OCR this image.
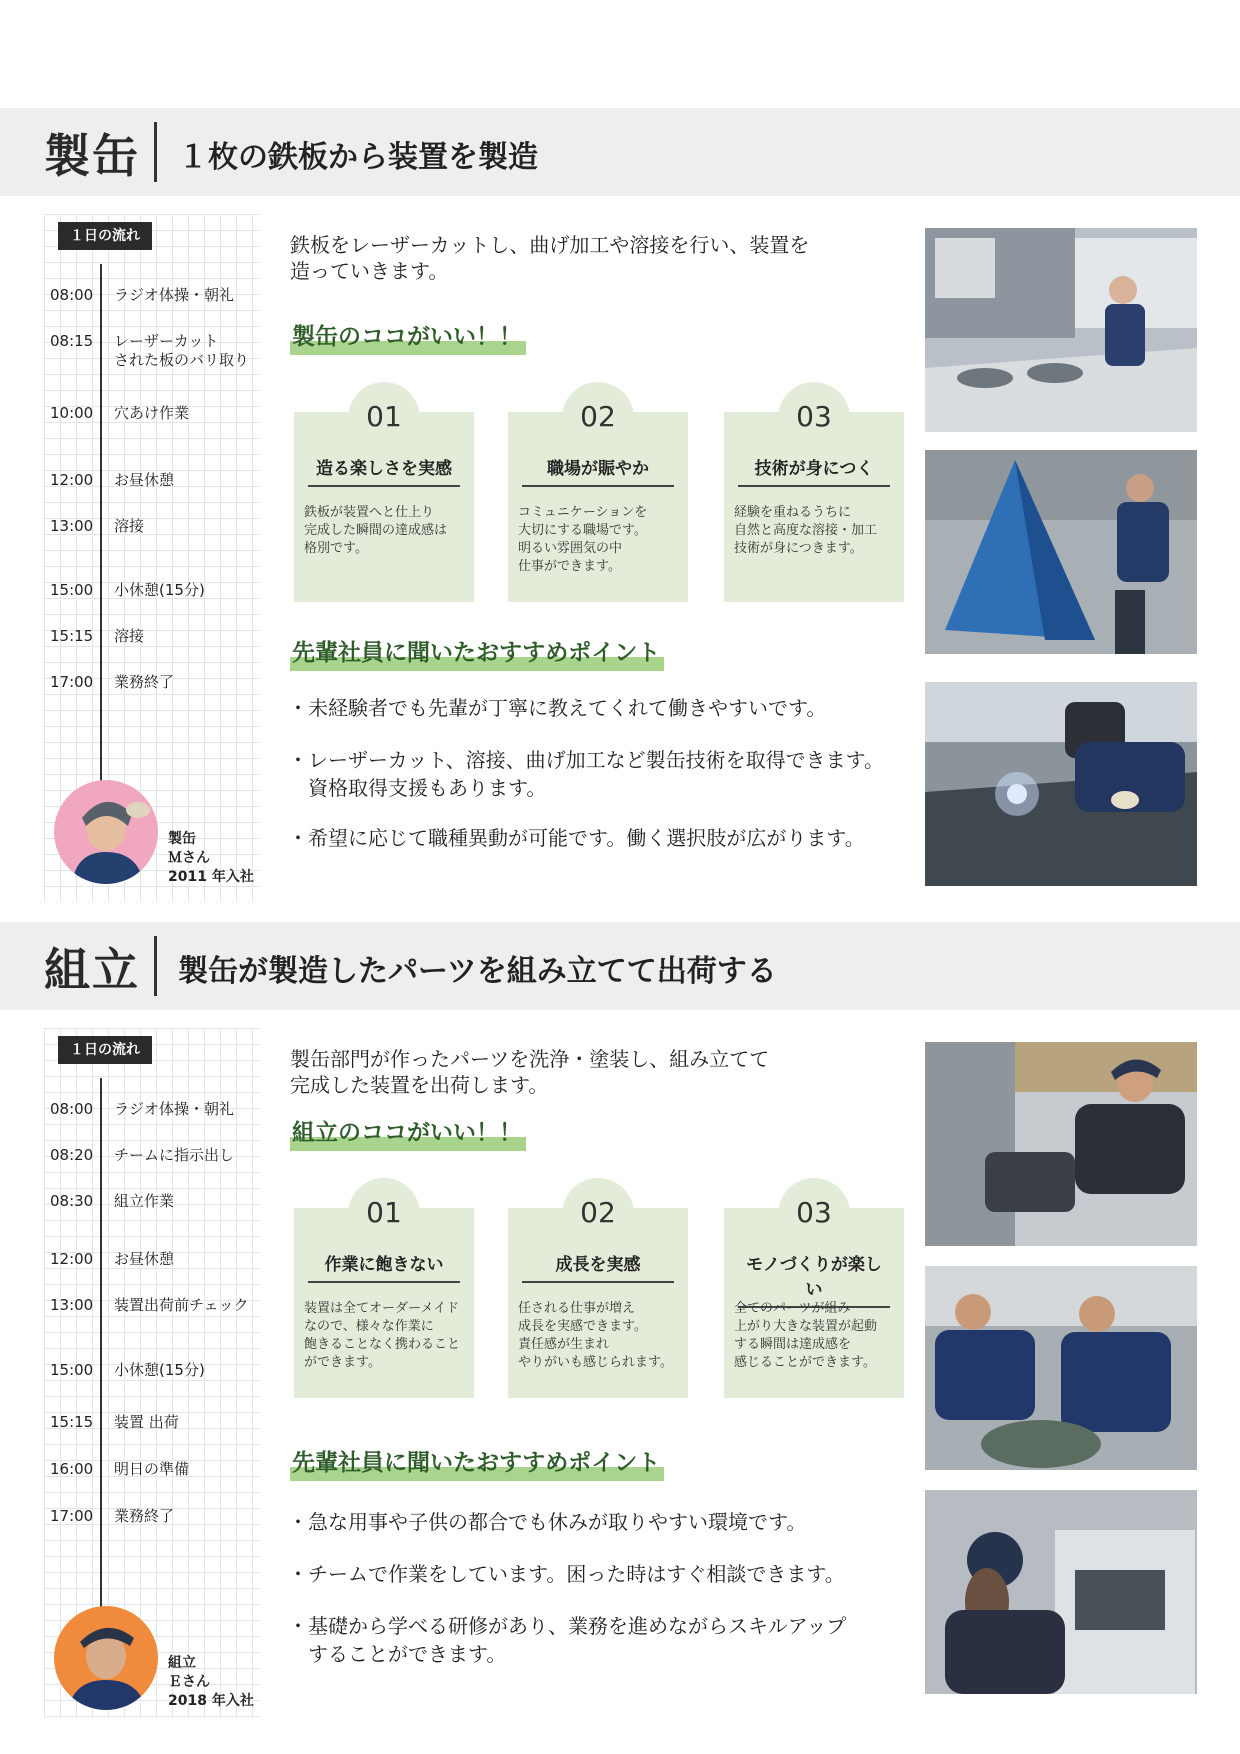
製缶 １枚の鉄板から装置を製造
１日の流れ
08:00 ラジオ体操・朝礼
08:15 レーザーカット
された板のバリ取り
10:00 穴あけ作業
12:00 お昼休憩
13:00 溶接
15:00 小休憩(15分)
15:15 溶接
17:00 業務終了
製缶
Ｍさん
2011 年入社
鉄板をレーザーカットし、曲げ加工や溶接を行い、装置を
造っていきます。
製缶のココがいい！！
01
造る楽しさを実感
鉄板が装置へと仕上り
完成した瞬間の達成感は
格別です。
02
職場が賑やか
コミュニケーションを
大切にする職場です。
明るい雰囲気の中
仕事ができます。
03
技術が身につく
経験を重ねるうちに
自然と高度な溶接・加工
技術が身につきます。
先輩社員に聞いたおすすめポイント
・未経験者でも先輩が丁寧に教えてくれて働きやすいです。
・レーザーカット、溶接、曲げ加工など製缶技術を取得できます。
　資格取得支援もあります。
・希望に応じて職種異動が可能です。働く選択肢が広がります。
組立 製缶が製造したパーツを組み立てて出荷する
１日の流れ
08:00 ラジオ体操・朝礼
08:20 チームに指示出し
08:30 組立作業
12:00 お昼休憩
13:00 装置出荷前チェック
15:00 小休憩(15分)
15:15 装置 出荷
16:00 明日の準備
17:00 業務終了
組立
Ｅさん
2018 年入社
製缶部門が作ったパーツを洗浄・塗装し、組み立てて
完成した装置を出荷します。
組立のココがいい！！
01
作業に飽きない
装置は全てオーダーメイド
なので、様々な作業に
飽きることなく携わること
ができます。
02
成長を実感
任される仕事が増え
成長を実感できます。
責任感が生まれ
やりがいも感じられます。
03
モノづくりが楽しい
全てのパーツが組み
上がり大きな装置が起動
する瞬間は達成感を
感じることができます。
先輩社員に聞いたおすすめポイント
・急な用事や子供の都合でも休みが取りやすい環境です。
・チームで作業をしています。困った時はすぐ相談できます。
・基礎から学べる研修があり、業務を進めながらスキルアップ
　することができます。
